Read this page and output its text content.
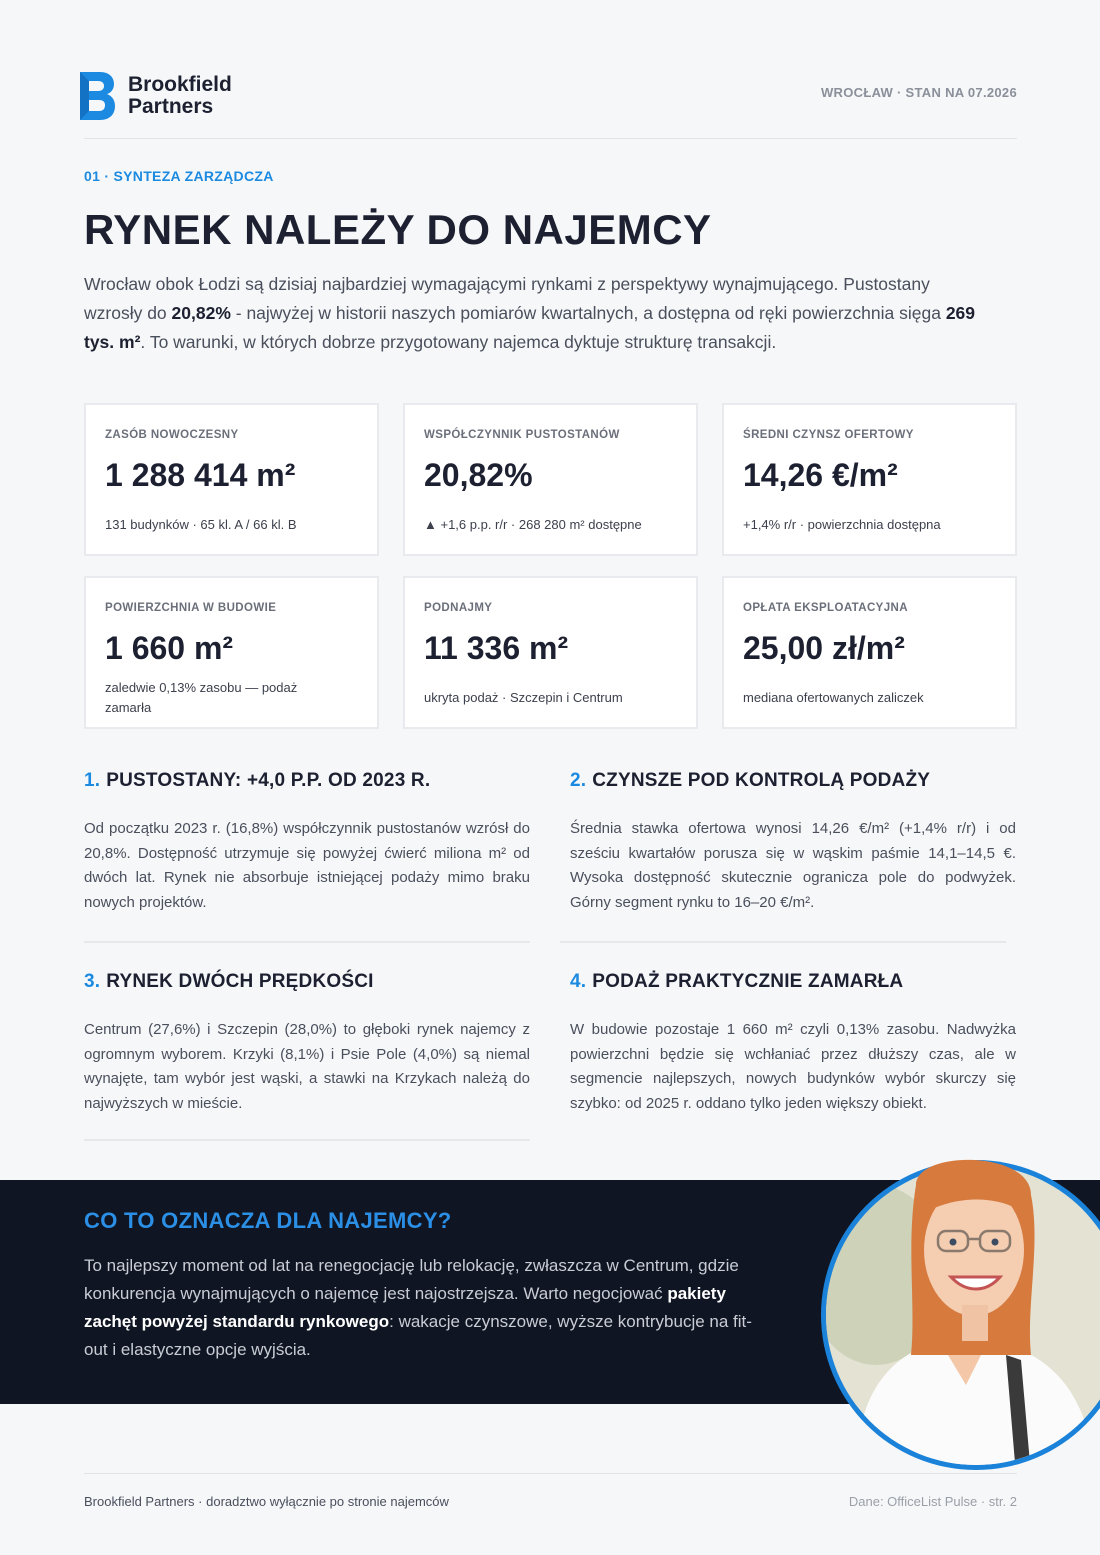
Brookfield
Partners
WROCŁAW · STAN NA 07.2026
01 · SYNTEZA ZARZĄDCZA
RYNEK NALEŻY DO NAJEMCY

Wrocław obok Łodzi są dzisiaj najbardziej wymagającymi rynkami z perspektywy wynajmującego. Pustostany wzrosły do 20,82% - najwyżej w historii naszych pomiarów kwartalnych, a dostępna od ręki powierzchnia sięga 269 tys. m². To warunki, w których dobrze przygotowany najemca dyktuje strukturę transakcji.

ZASÓB NOWOCZESNY
1 288 414 m²
131 budynków · 65 kl. A / 66 kl. B
WSPÓŁCZYNNIK PUSTOSTANÓW
20,82%
▲ +1,6 p.p. r/r · 268 280 m² dostępne
ŚREDNI CZYNSZ OFERTOWY
14,26 €/m²
+1,4% r/r · powierzchnia dostępna
POWIERZCHNIA W BUDOWIE
1 660 m²
zaledwie 0,13% zasobu — podaż zamarła
PODNAJMY
11 336 m²
ukryta podaż · Szczepin i Centrum
OPŁATA EKSPLOATACYJNA
25,00 zł/m²
mediana ofertowanych zaliczek
1. PUSTOSTANY: +4,0 P.P. OD 2023 R.
Od początku 2023 r. (16,8%) współczynnik pustostanów wzrósł do 20,8%. Dostępność utrzymuje się powyżej ćwierć miliona m² od dwóch lat. Rynek nie absorbuje istniejącej podaży mimo braku nowych projektów.
2. CZYNSZE POD KONTROLĄ PODAŻY
Średnia stawka ofertowa wynosi 14,26 €/m² (+1,4% r/r) i od sześciu kwartałów porusza się w wąskim paśmie 14,1–14,5 €. Wysoka dostępność skutecznie ogranicza pole do podwyżek. Górny segment rynku to 16–20 €/m².
3. RYNEK DWÓCH PRĘDKOŚCI
Centrum (27,6%) i Szczepin (28,0%) to głęboki rynek najemcy z ogromnym wyborem. Krzyki (8,1%) i Psie Pole (4,0%) są niemal wynajęte, tam wybór jest wąski, a stawki na Krzykach należą do najwyższych w mieście.
4. PODAŻ PRAKTYCZNIE ZAMARŁA
W budowie pozostaje 1 660 m² czyli 0,13% zasobu. Nadwyżka powierzchni będzie się wchłaniać przez dłuższy czas, ale w segmencie najlepszych, nowych budynków wybór skurczy się szybko: od 2025 r. oddano tylko jeden większy obiekt.
CO TO OZNACZA DLA NAJEMCY?

To najlepszy moment od lat na renegocjację lub relokację, zwłaszcza w Centrum, gdzie konkurencja wynajmujących o najemcę jest najostrzejsza. Warto negocjować pakiety zachęt powyżej standardu rynkowego: wakacje czynszowe, wyższe kontrybucje na fit-out i elastyczne opcje wyjścia.

Brookfield Partners · doradztwo wyłącznie po stronie najemców	Dane: OfficeList Pulse · str. 2
